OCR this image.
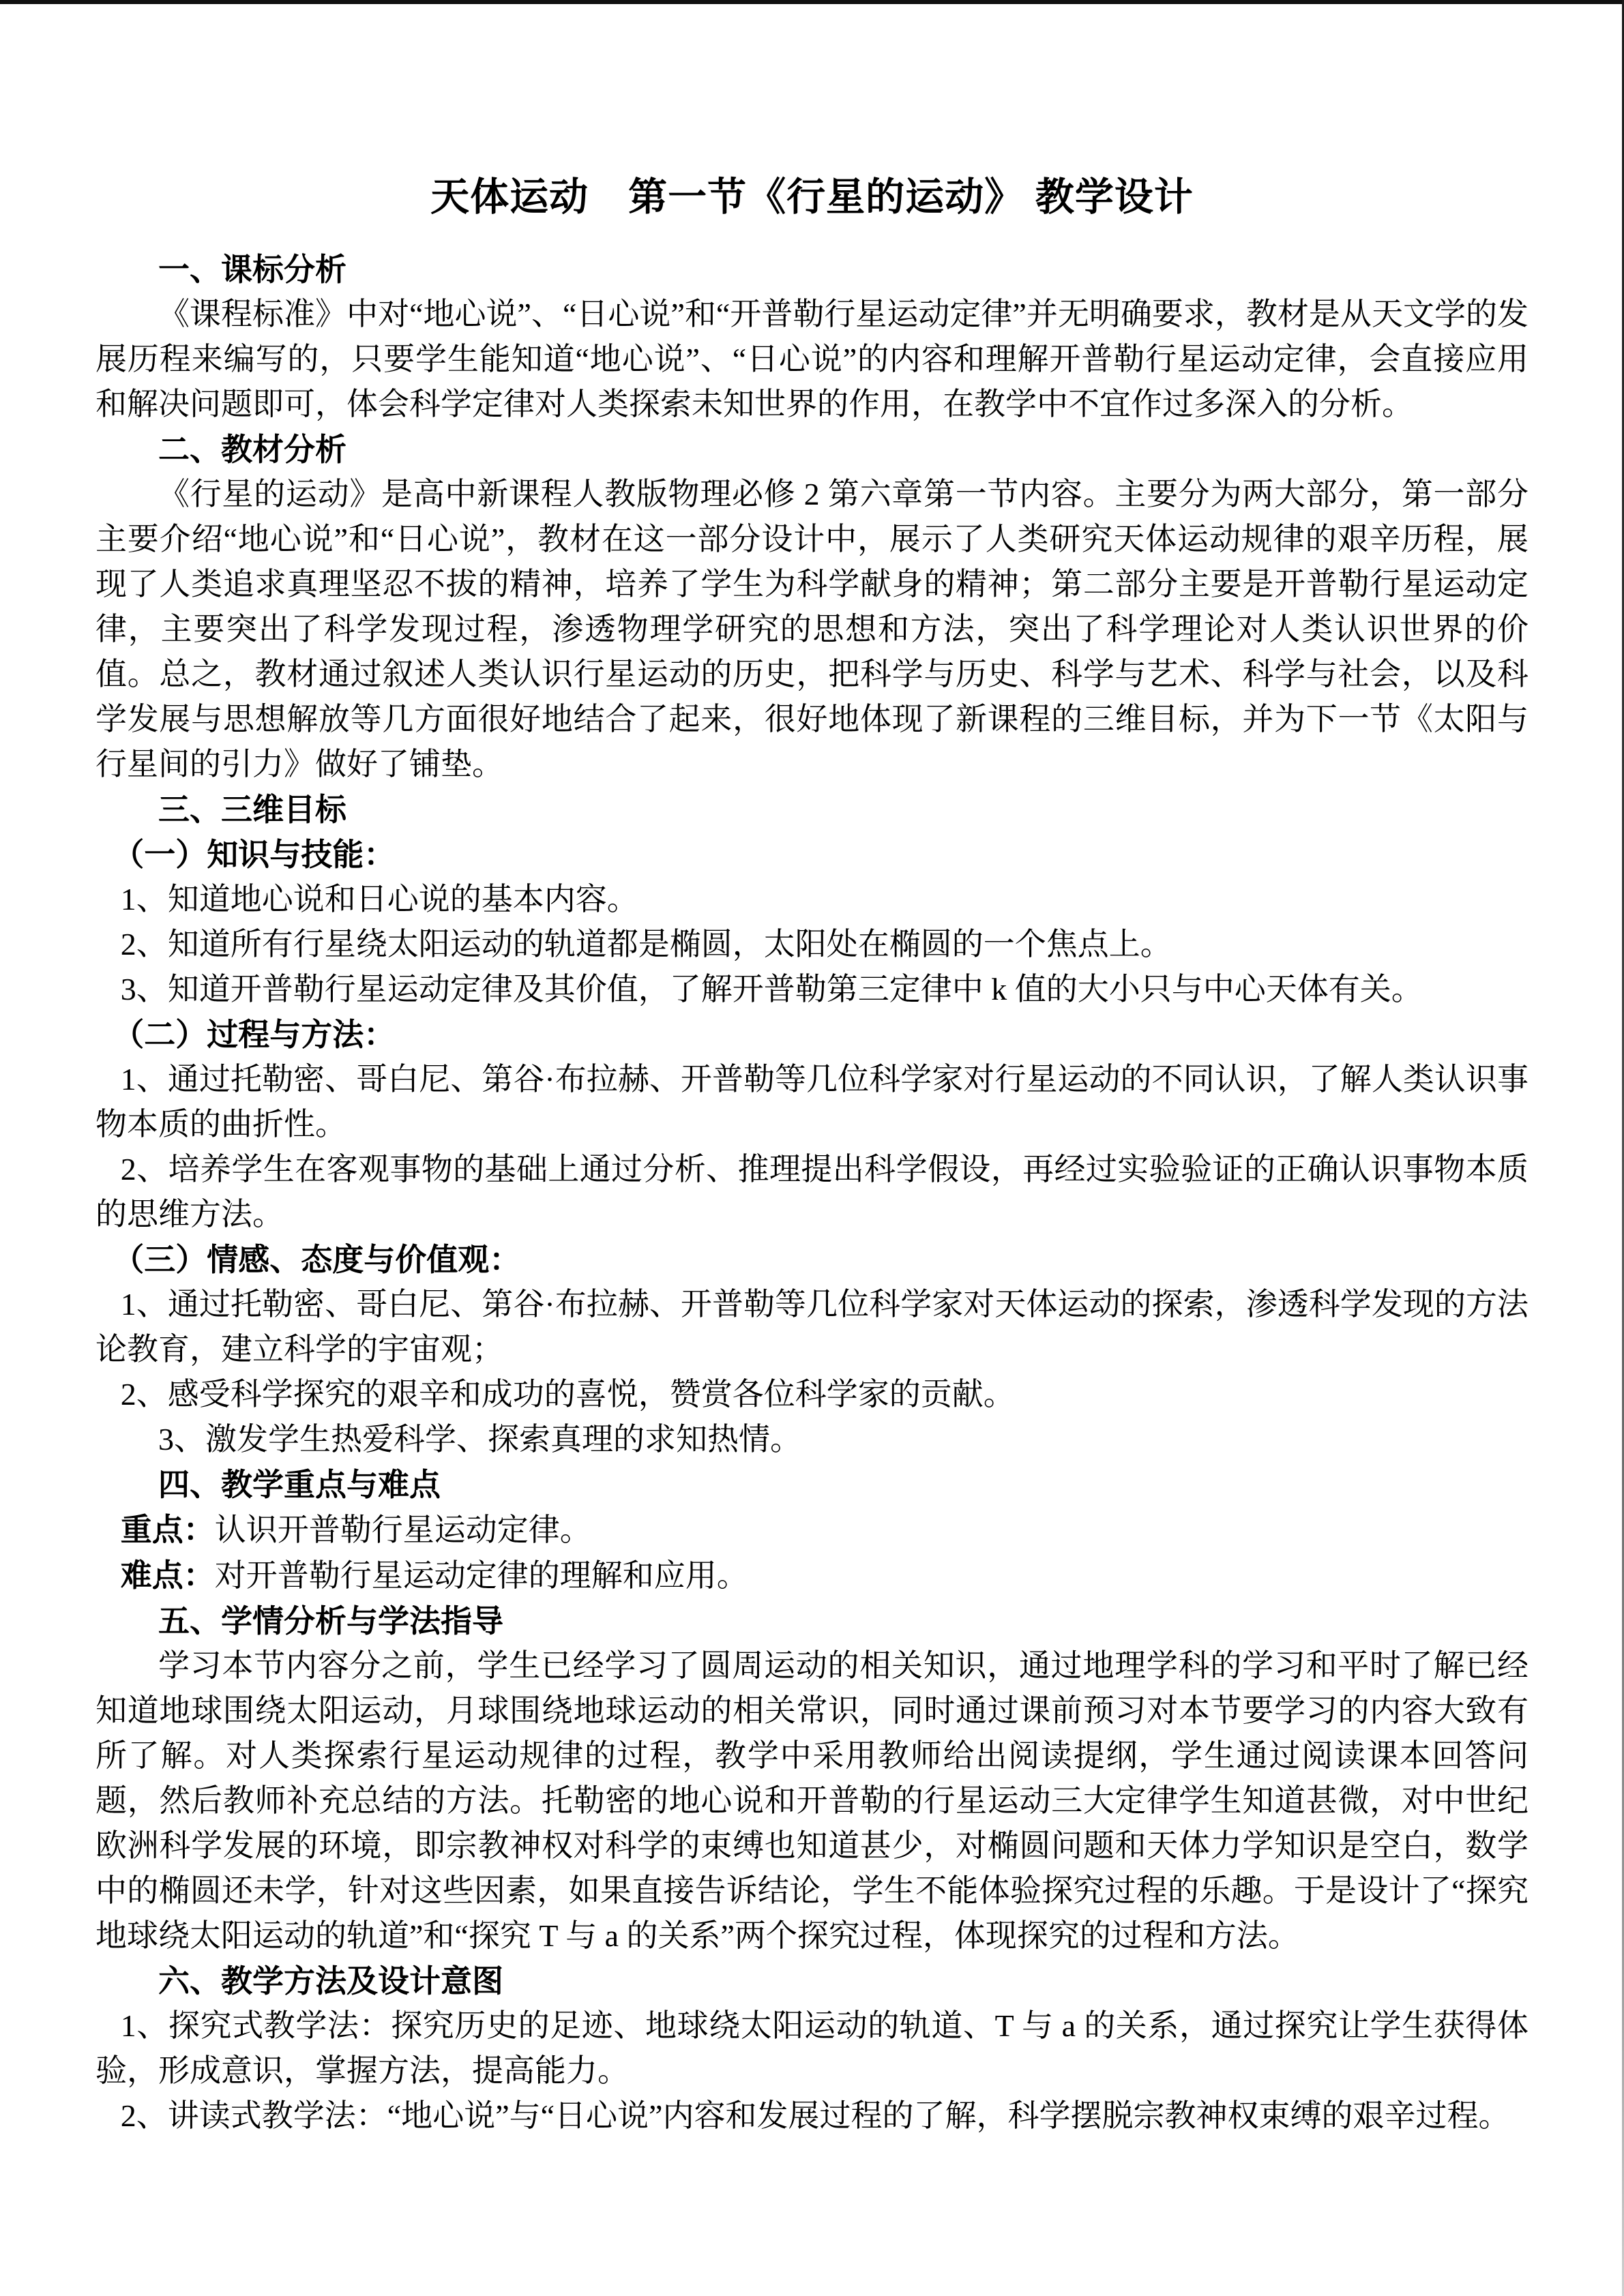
天体运动　第一节《行星的运动》 教学设计
一、课标分析
《课程标准》中对“地心说”、“日心说”和“开普勒行星运动定律”并无明确要求，教材是从天文学的发展历程来编写的，只要学生能知道“地心说”、“日心说”的内容和理解开普勒行星运动定律，会直接应用和解决问题即可，体会科学定律对人类探索未知世界的作用，在教学中不宜作过多深入的分析。
二、教材分析
《行星的运动》是高中新课程人教版物理必修 2 第六章第一节内容。主要分为两大部分，第一部分主要介绍“地心说”和“日心说”，教材在这一部分设计中，展示了人类研究天体运动规律的艰辛历程，展现了人类追求真理坚忍不拔的精神，培养了学生为科学献身的精神；第二部分主要是开普勒行星运动定律，主要突出了科学发现过程，渗透物理学研究的思想和方法，突出了科学理论对人类认识世界的价值。总之，教材通过叙述人类认识行星运动的历史，把科学与历史、科学与艺术、科学与社会，以及科学发展与思想解放等几方面很好地结合了起来，很好地体现了新课程的三维目标，并为下一节《太阳与行星间的引力》做好了铺垫。
三、三维目标
（一）知识与技能：
1、知道地心说和日心说的基本内容。
2、知道所有行星绕太阳运动的轨道都是椭圆，太阳处在椭圆的一个焦点上。
3、知道开普勒行星运动定律及其价值，了解开普勒第三定律中 k 值的大小只与中心天体有关。
（二）过程与方法：
1、通过托勒密、哥白尼、第谷·布拉赫、开普勒等几位科学家对行星运动的不同认识，了解人类认识事物本质的曲折性。
2、培养学生在客观事物的基础上通过分析、推理提出科学假设，再经过实验验证的正确认识事物本质的思维方法。
（三）情感、态度与价值观：
1、通过托勒密、哥白尼、第谷·布拉赫、开普勒等几位科学家对天体运动的探索，渗透科学发现的方法论教育，建立科学的宇宙观；
2、感受科学探究的艰辛和成功的喜悦，赞赏各位科学家的贡献。
3、激发学生热爱科学、探索真理的求知热情。
四、教学重点与难点
重点：认识开普勒行星运动定律。
难点：对开普勒行星运动定律的理解和应用。
五、学情分析与学法指导
学习本节内容分之前，学生已经学习了圆周运动的相关知识，通过地理学科的学习和平时了解已经知道地球围绕太阳运动，月球围绕地球运动的相关常识，同时通过课前预习对本节要学习的内容大致有所了解。对人类探索行星运动规律的过程，教学中采用教师给出阅读提纲，学生通过阅读课本回答问题，然后教师补充总结的方法。托勒密的地心说和开普勒的行星运动三大定律学生知道甚微，对中世纪欧洲科学发展的环境，即宗教神权对科学的束缚也知道甚少，对椭圆问题和天体力学知识是空白，数学中的椭圆还未学，针对这些因素，如果直接告诉结论，学生不能体验探究过程的乐趣。于是设计了“探究地球绕太阳运动的轨道”和“探究 T 与 a 的关系”两个探究过程，体现探究的过程和方法。
六、教学方法及设计意图
1、探究式教学法：探究历史的足迹、地球绕太阳运动的轨道、T 与 a 的关系，通过探究让学生获得体验，形成意识，掌握方法，提高能力。
2、讲读式教学法：“地心说”与“日心说”内容和发展过程的了解，科学摆脱宗教神权束缚的艰辛过程。
